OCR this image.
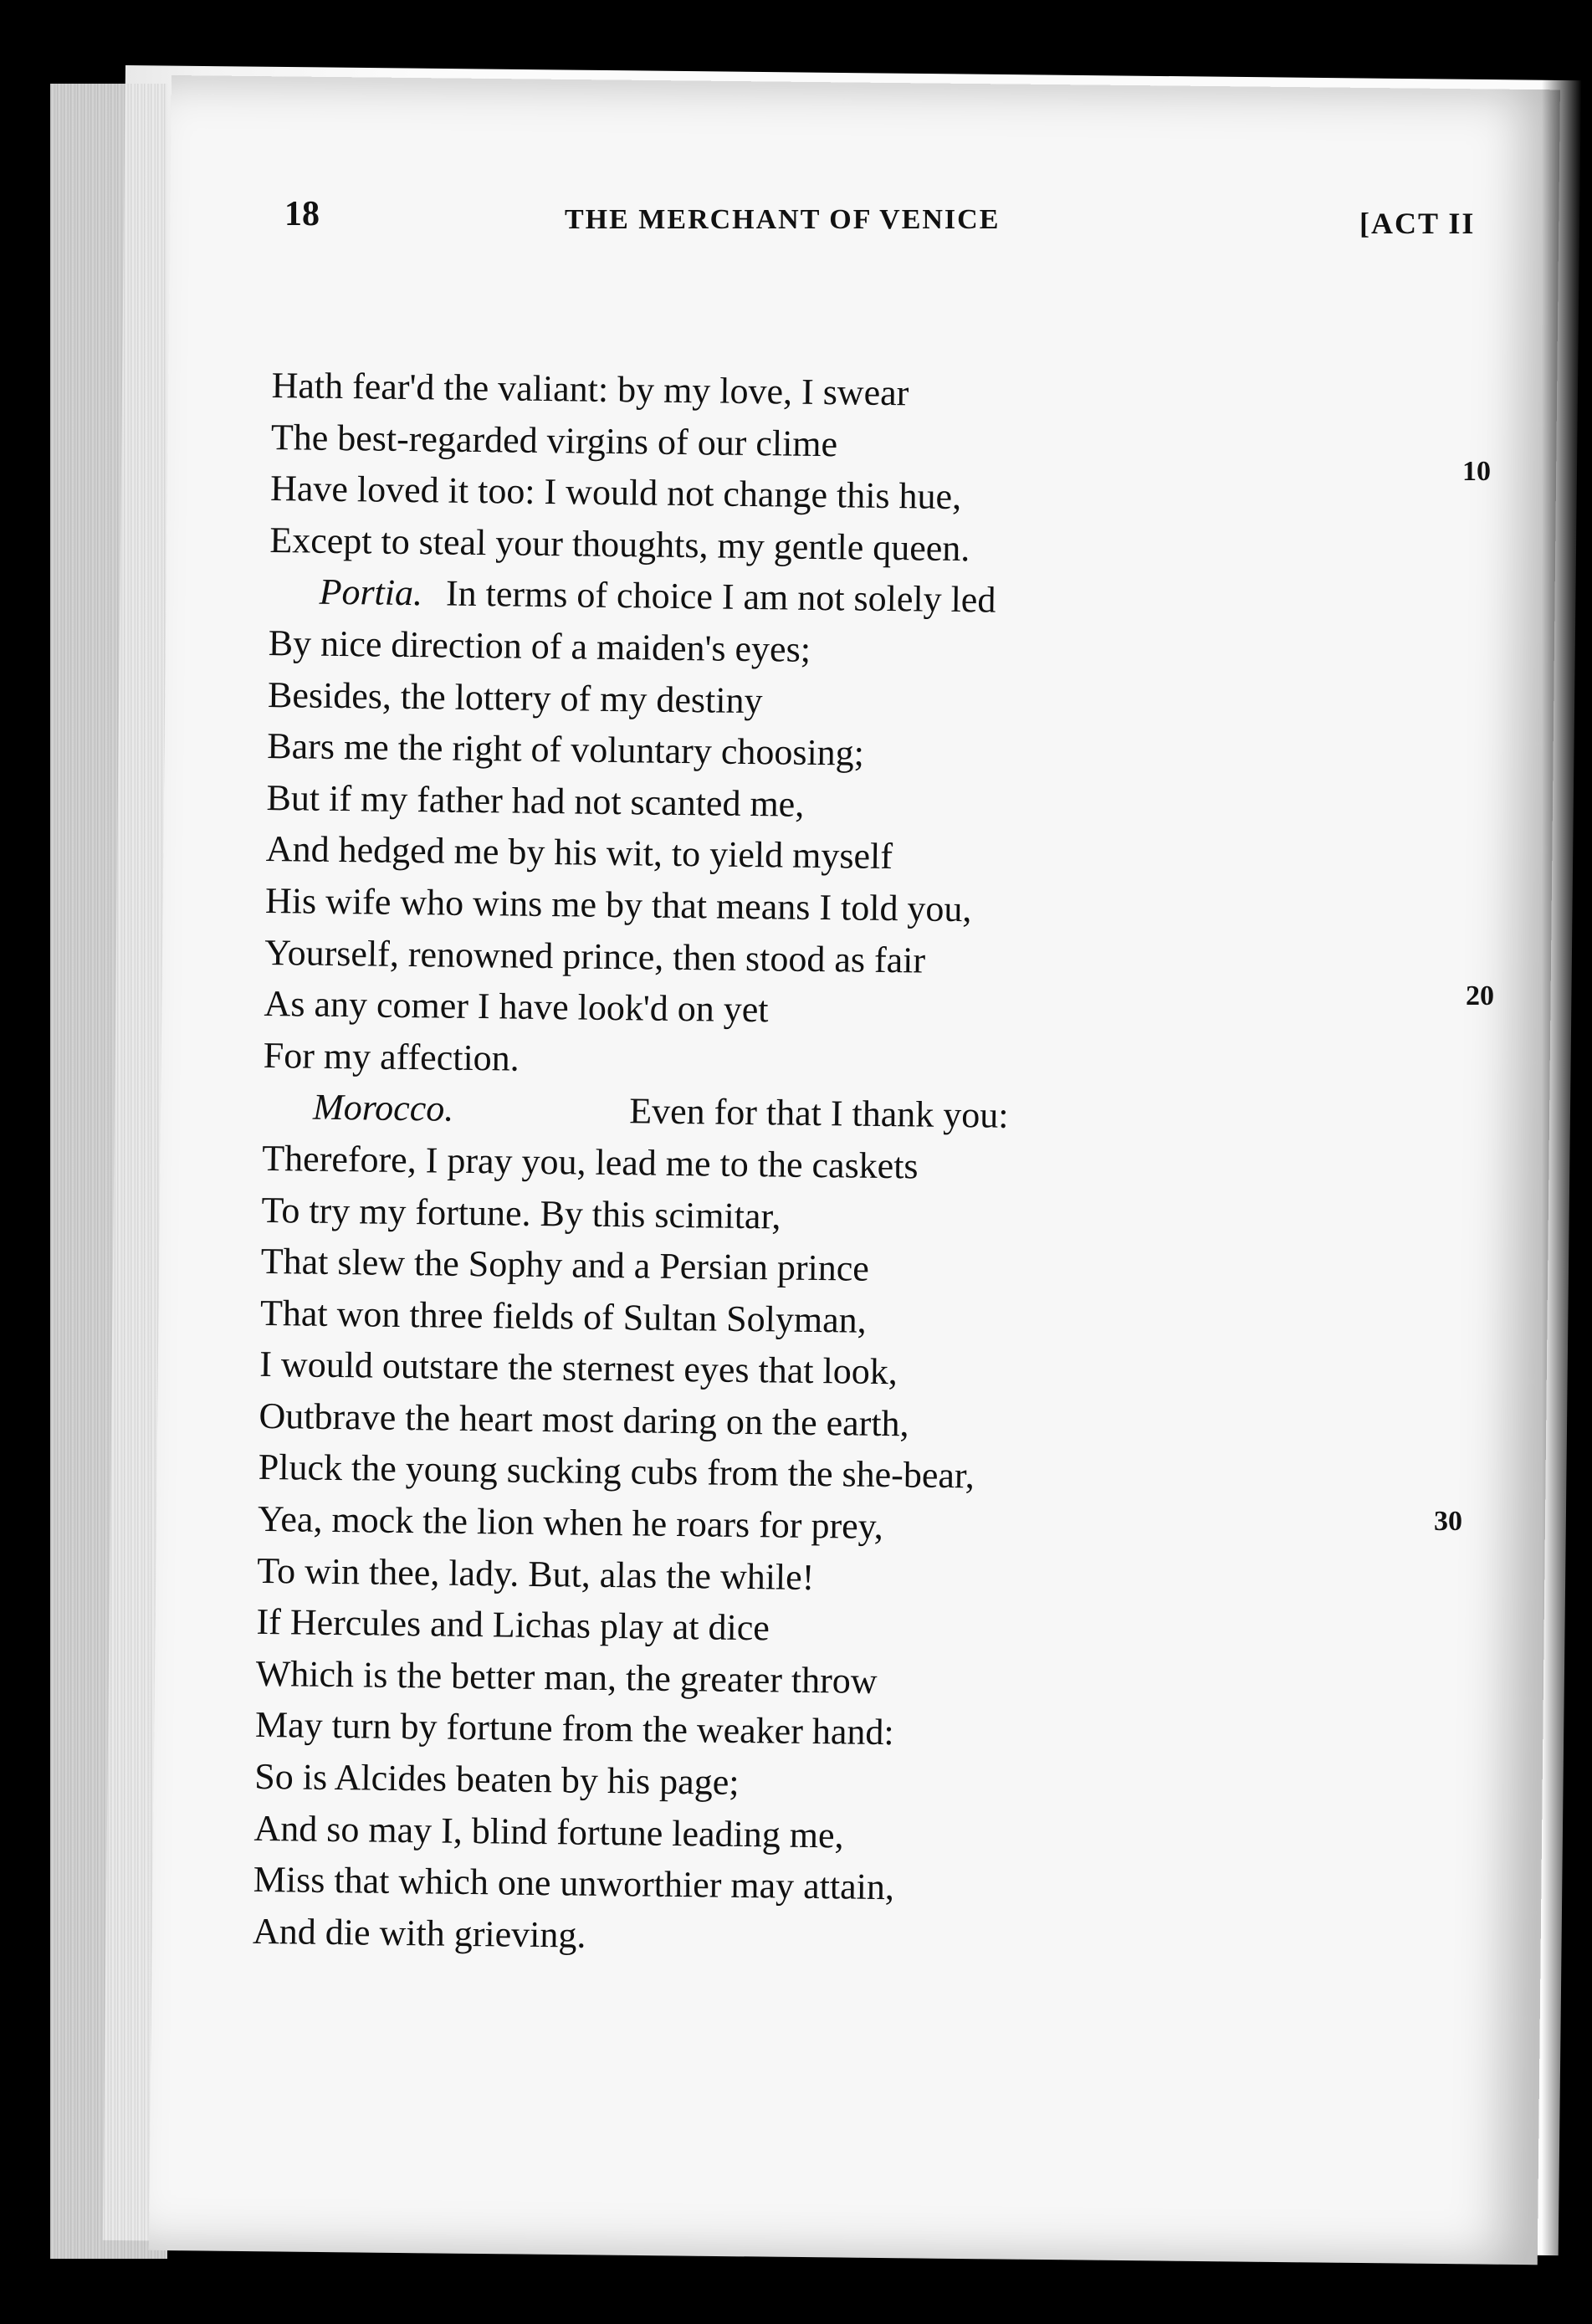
18	THE MERCHANT OF VENICE	[ACT II
Hath fear'd the valiant: by my love, I swear
The best-regarded virgins of our clime
Have loved it too: I would not change this hue,
Except to steal your thoughts, my gentle queen.
Portia. In terms of choice I am not solely led
By nice direction of a maiden's eyes;
Besides, the lottery of my destiny
Bars me the right of voluntary choosing;
But if my father had not scanted me,
And hedged me by his wit, to yield myself
His wife who wins me by that means I told you,
Yourself, renowned prince, then stood as fair
As any comer I have look'd on yet
For my affection.
Morocco.	Even for that I thank you:
Therefore, I pray you, lead me to the caskets
To try my fortune. By this scimitar,
That slew the Sophy and a Persian prince
That won three fields of Sultan Solyman,
I would outstare the sternest eyes that look,
Outbrave the heart most daring on the earth,
Pluck the young sucking cubs from the she-bear,
Yea, mock the lion when he roars for prey,
To win thee, lady. But, alas the while!
If Hercules and Lichas play at dice
Which is the better man, the greater throw
May turn by fortune from the weaker hand:
So is Alcides beaten by his page;
And so may I, blind fortune leading me,
Miss that which one unworthier may attain,
And die with grieving.
10
20
30
